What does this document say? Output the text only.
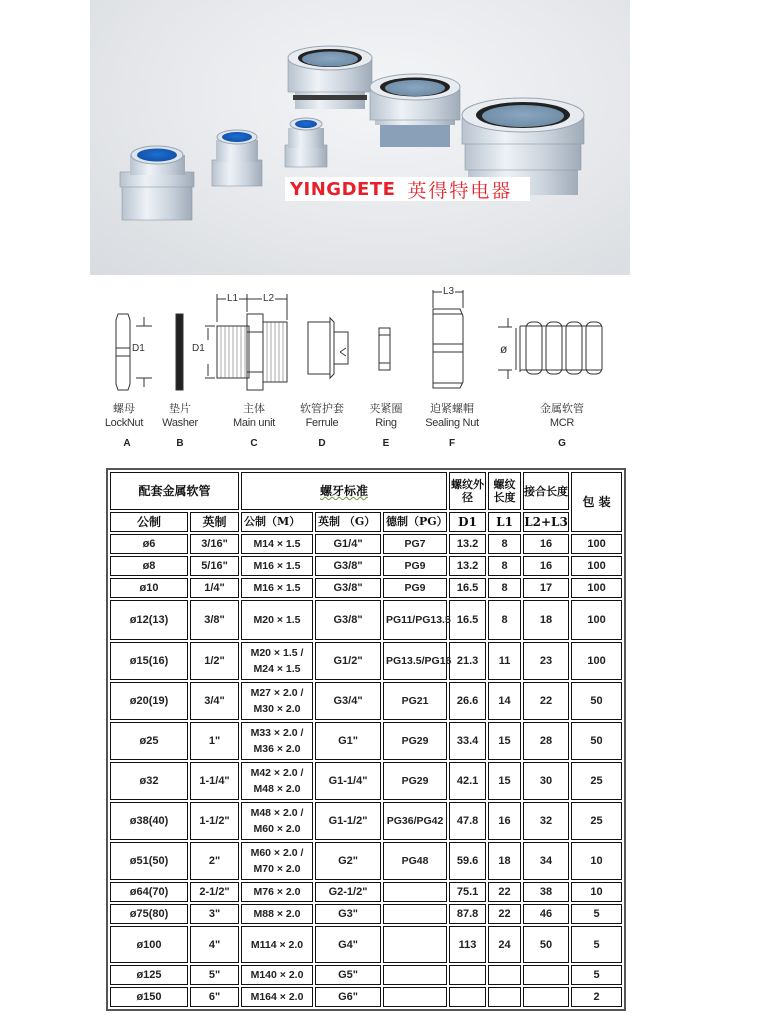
YINGDETE 英得特电器
D1	D1
L1 L2
L3
ø
螺母
LockNut
垫片
Washer
主体
Main unit
软管护套
Ferrule
夹紧圈
Ring
迫紧螺帽
Sealing Nut
金属软管
MCR
A	B	C	D	E	F	G
配套金属软管		螺牙标准			螺纹外径	螺纹长度	接合长度	包 装
公制	英制	公制（M）	英制 （G）	德制（PG）	D1	L1	L2+L3	
ø6	3/16"	M14 × 1.5	G1/4"	PG7	13.2	8	16	100
ø8	5/16"	M16 × 1.5	G3/8"	PG9	13.2	8	16	100
ø10	1/4"	M16 × 1.5	G3/8"	PG9	16.5	8	17	100
ø12(13)	3/8"	M20 × 1.5	G3/8"	PG11/PG13.5	16.5	8	18	100
ø15(16)	1/2"	M20 × 1.5 / M24 × 1.5	G1/2"	PG13.5/PG16	21.3	11	23	100
ø20(19)	3/4"	M27 × 2.0 / M30 × 2.0	G3/4"	PG21	26.6	14	22	50
ø25	1"	M33 × 2.0 / M36 × 2.0	G1"	PG29	33.4	15	28	50
ø32	1-1/4"	M42 × 2.0 / M48 × 2.0	G1-1/4"	PG29	42.1	15	30	25
ø38(40)	1-1/2"	M48 × 2.0 / M60 × 2.0	G1-1/2"	PG36/PG42	47.8	16	32	25
ø51(50)	2"	M60 × 2.0 / M70 × 2.0	G2"	PG48	59.6	18	34	10
ø64(70)	2-1/2"	M76 × 2.0	G2-1/2"		75.1	22	38	10
ø75(80)	3"	M88 × 2.0	G3"		87.8	22	46	5
ø100	4"	M114 × 2.0	G4"		113	24	50	5
ø125	5"	M140 × 2.0	G5"					5
ø150	6"	M164 × 2.0	G6"					2
